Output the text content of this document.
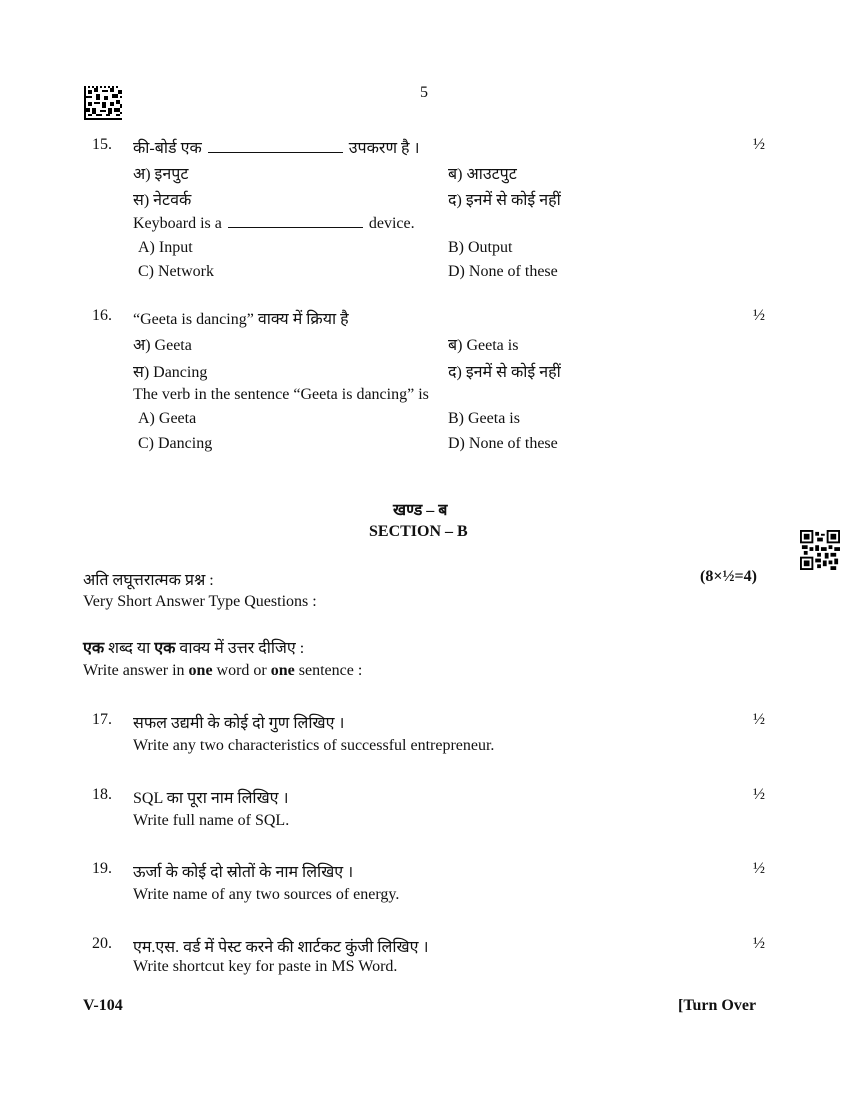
5
15. की-बोर्ड एक	उपकरण है ।	½
अ) इनपुट	ब) आउटपुट
स) नेटवर्क	द) इनमें से कोई नहीं
Keyboard is a	device.
A) Input	B) Output
C) Network	D) None of these
16. “Geeta is dancing” वाक्य में क्रिया है	½
अ) Geeta	ब) Geeta is
स) Dancing	द) इनमें से कोई नहीं
The verb in the sentence “Geeta is dancing” is
A) Geeta	B) Geeta is
C) Dancing	D) None of these
खण्ड – ब
SECTION – B
अति लघूत्तरात्मक प्रश्न :	(8×½=4)
Very Short Answer Type Questions :
एक शब्द या एक वाक्य में उत्तर दीजिए :
Write answer in one word or one sentence :
17. सफल उद्यमी के कोई दो गुण लिखिए ।	½
Write any two characteristics of successful entrepreneur.
18. SQL का पूरा नाम लिखिए ।	½
Write full name of SQL.
19. ऊर्जा के कोई दो स्रोतों के नाम लिखिए ।	½
Write name of any two sources of energy.
20. एम.एस. वर्ड में पेस्ट करने की शार्टकट कुंजी लिखिए ।	½
Write shortcut key for paste in MS Word.
V-104	[Turn Over
